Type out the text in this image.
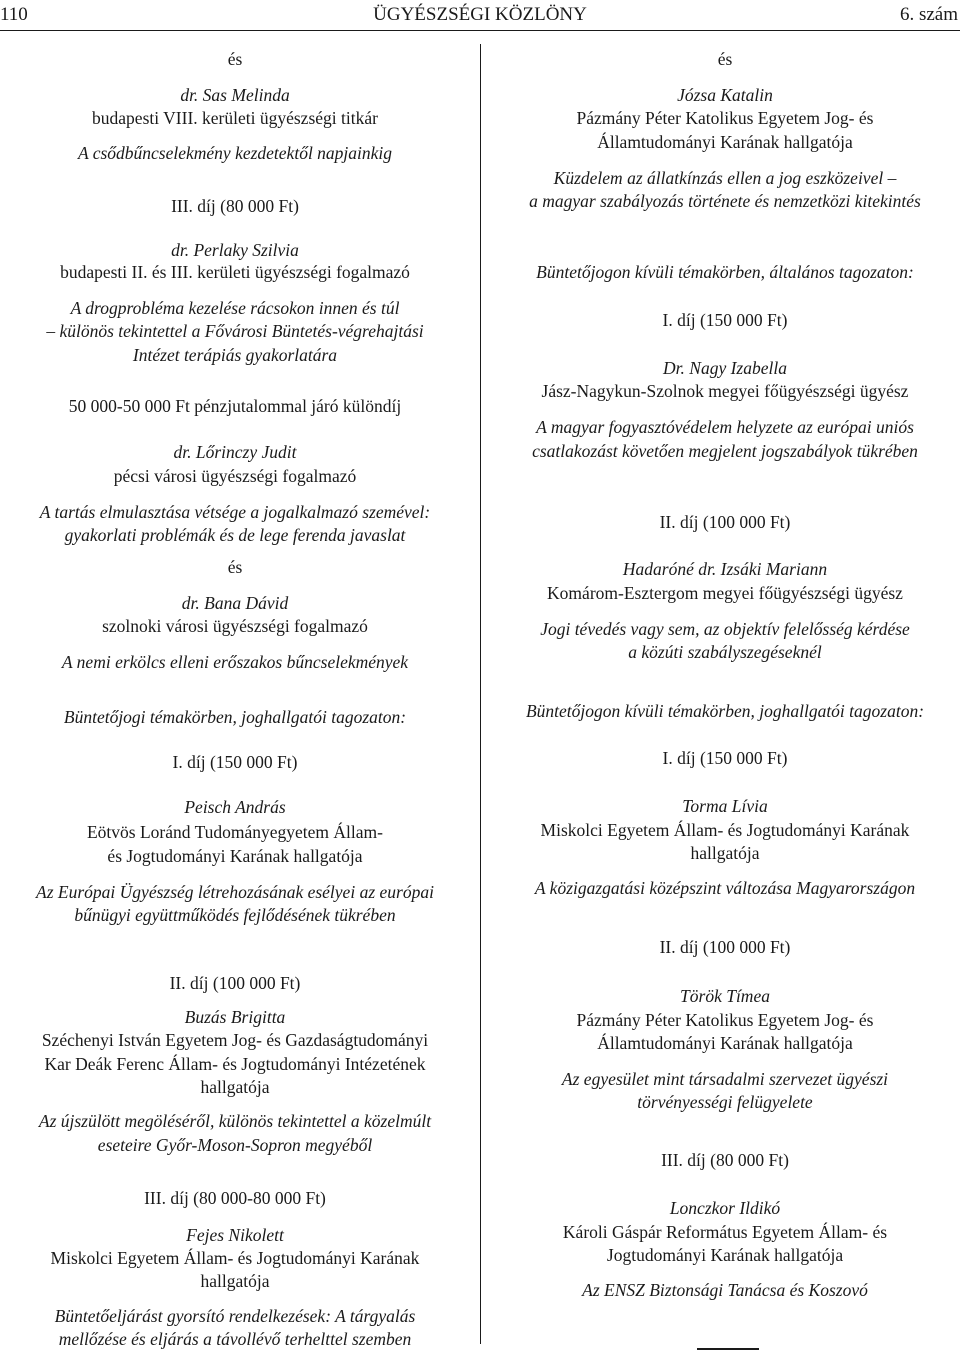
110	ÜGYÉSZSÉGI KÖZLÖNY	6. szám
és
dr. Sas Melinda
budapesti VIII. kerületi ügyészségi titkár
A csődbűncselekmény kezdetektől napjainkig
III. díj (80 000 Ft)
dr. Perlaky Szilvia
budapesti II. és III. kerületi ügyészségi fogalmazó
A drogprobléma kezelése rácsokon innen és túl
– különös tekintettel a Fővárosi Büntetés-végrehajtási
Intézet terápiás gyakorlatára
50 000-50 000 Ft pénzjutalommal járó különdíj
dr. Lőrinczy Judit
pécsi városi ügyészségi fogalmazó
A tartás elmulasztása vétsége a jogalkalmazó szemével:
gyakorlati problémák és de lege ferenda javaslat
és
dr. Bana Dávid
szolnoki városi ügyészségi fogalmazó
A nemi erkölcs elleni erőszakos bűncselekmények
Büntetőjogi témakörben, joghallgatói tagozaton:
I. díj (150 000 Ft)
Peisch András
Eötvös Loránd Tudományegyetem Állam-
és Jogtudományi Karának hallgatója
Az Európai Ügyészség létrehozásának esélyei az európai
bűnügyi együttműködés fejlődésének tükrében
II. díj (100 000 Ft)
Buzás Brigitta
Széchenyi István Egyetem Jog- és Gazdaságtudományi
Kar Deák Ferenc Állam- és Jogtudományi Intézetének
hallgatója
Az újszülött megöléséről, különös tekintettel a közelmúlt
eseteire Győr-Moson-Sopron megyéből
III. díj (80 000-80 000 Ft)
Fejes Nikolett
Miskolci Egyetem Állam- és Jogtudományi Karának
hallgatója
Büntetőeljárást gyorsító rendelkezések: A tárgyalás
mellőzése és eljárás a távollévő terhelttel szemben
és
Józsa Katalin
Pázmány Péter Katolikus Egyetem Jog- és
Államtudományi Karának hallgatója
Küzdelem az állatkínzás ellen a jog eszközeivel –
a magyar szabályozás története és nemzetközi kitekintés
Büntetőjogon kívüli témakörben, általános tagozaton:
I. díj (150 000 Ft)
Dr. Nagy Izabella
Jász-Nagykun-Szolnok megyei főügyészségi ügyész
A magyar fogyasztóvédelem helyzete az európai uniós
csatlakozást követően megjelent jogszabályok tükrében
II. díj (100 000 Ft)
Hadaróné dr. Izsáki Mariann
Komárom-Esztergom megyei főügyészségi ügyész
Jogi tévedés vagy sem, az objektív felelősség kérdése
a közúti szabályszegéseknél
Büntetőjogon kívüli témakörben, joghallgatói tagozaton:
I. díj (150 000 Ft)
Torma Lívia
Miskolci Egyetem Állam- és Jogtudományi Karának
hallgatója
A közigazgatási középszint változása Magyarországon
II. díj (100 000 Ft)
Török Tímea
Pázmány Péter Katolikus Egyetem Jog- és
Államtudományi Karának hallgatója
Az egyesület mint társadalmi szervezet ügyészi
törvényességi felügyelete
III. díj (80 000 Ft)
Lonczkor Ildikó
Károli Gáspár Református Egyetem Állam- és
Jogtudományi Karának hallgatója
Az ENSZ Biztonsági Tanácsa és Koszovó
